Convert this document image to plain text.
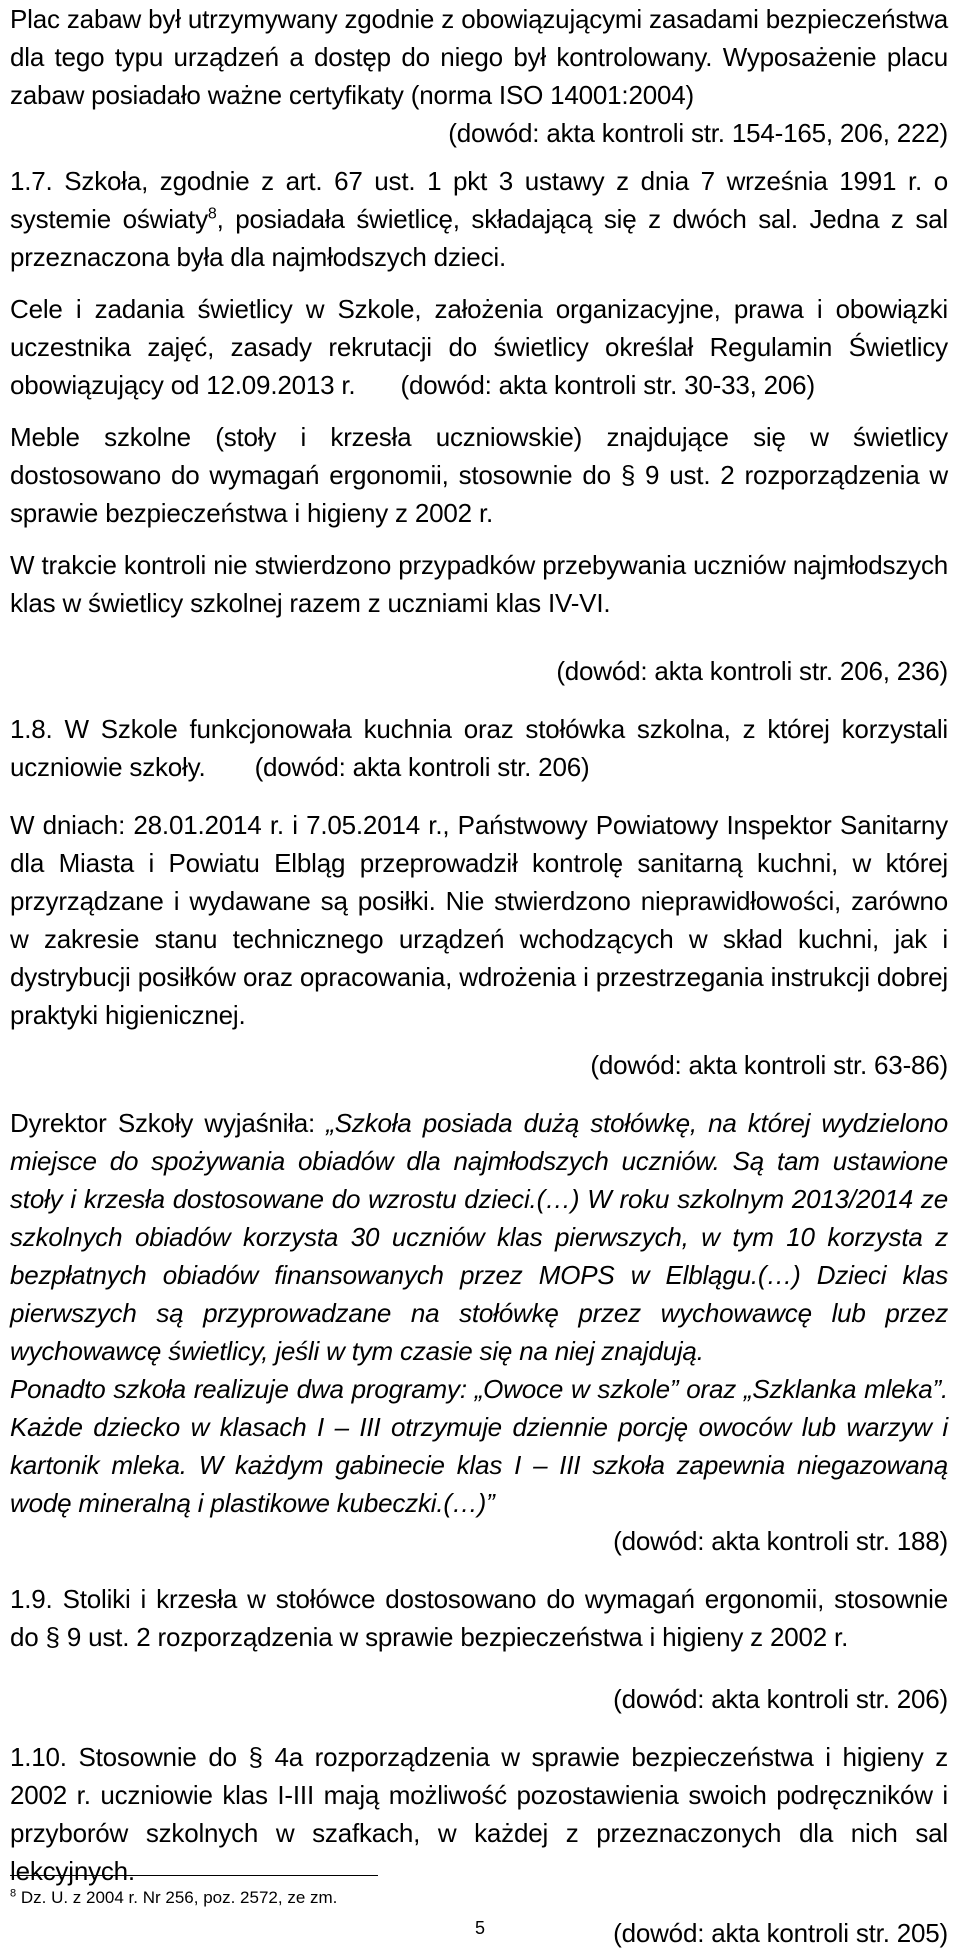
Plac zabaw był utrzymywany zgodnie z obowiązującymi zasadami bezpieczeństwa dla tego typu urządzeń a dostęp do niego był kontrolowany. Wyposażenie placu zabaw posiadało ważne certyfikaty (norma ISO 14001:2004)

(dowód: akta kontroli str. 154-165, 206, 222)

1.7. Szkoła, zgodnie z art. 67 ust. 1 pkt 3 ustawy z dnia 7 września 1991 r. o systemie oświaty$^8$, posiadała świetlicę, składającą się z dwóch sal. Jedna z sal przeznaczona była dla najmłodszych dzieci.

Cele i zadania świetlicy w Szkole, założenia organizacyjne, prawa i obowiązki uczestnika zajęć, zasady rekrutacji do świetlicy określał Regulamin Świetlicy obowiązujący od 12.09.2013 r. (dowód: akta kontroli str. 30-33, 206)

Meble szkolne (stoły i krzesła uczniowskie) znajdujące się w świetlicy dostosowano do wymagań ergonomii, stosownie do § 9 ust. 2 rozporządzenia w sprawie bezpieczeństwa i higieny z 2002 r.

W trakcie kontroli nie stwierdzono przypadków przebywania uczniów najmłodszych klas w świetlicy szkolnej razem z uczniami klas IV-VI.

(dowód: akta kontroli str. 206, 236)

1.8. W Szkole funkcjonowała kuchnia oraz stołówka szkolna, z której korzystali uczniowie szkoły. (dowód: akta kontroli str. 206)

W dniach: 28.01.2014 r. i 7.05.2014 r., Państwowy Powiatowy Inspektor Sanitarny dla Miasta i Powiatu Elbląg przeprowadził kontrolę sanitarną kuchni, w której przyrządzane i wydawane są posiłki. Nie stwierdzono nieprawidłowości, zarówno w zakresie stanu technicznego urządzeń wchodzących w skład kuchni, jak i dystrybucji posiłków oraz opracowania, wdrożenia i przestrzegania instrukcji dobrej praktyki higienicznej.

(dowód: akta kontroli str. 63-86)

Dyrektor Szkoły wyjaśniła: „Szkoła posiada dużą stołówkę, na której wydzielono miejsce do spożywania obiadów dla najmłodszych uczniów. Są tam ustawione stoły i krzesła dostosowane do wzrostu dzieci.(…) W roku szkolnym 2013/2014 ze szkolnych obiadów korzysta 30 uczniów klas pierwszych, w tym 10 korzysta z bezpłatnych obiadów finansowanych przez MOPS w Elblągu.(…) Dzieci klas pierwszych są przyprowadzane na stołówkę przez wychowawcę lub przez wychowawcę świetlicy, jeśli w tym czasie się na niej znajdują.

Ponadto szkoła realizuje dwa programy: „Owoce w szkole” oraz „Szklanka mleka”. Każde dziecko w klasach I – III otrzymuje dziennie porcję owoców lub warzyw i kartonik mleka. W każdym gabinecie klas I – III szkoła zapewnia niegazowaną wodę mineralną i plastikowe kubeczki.(…)”

(dowód: akta kontroli str. 188)

1.9. Stoliki i krzesła w stołówce dostosowano do wymagań ergonomii, stosownie do § 9 ust. 2 rozporządzenia w sprawie bezpieczeństwa i higieny z 2002 r.

(dowód: akta kontroli str. 206)

1.10. Stosownie do § 4a rozporządzenia w sprawie bezpieczeństwa i higieny z 2002 r. uczniowie klas I-III mają możliwość pozostawienia swoich podręczników i przyborów szkolnych w szafkach, w każdej z przeznaczonych dla nich sal lekcyjnych.

(dowód: akta kontroli str. 205)

$^8$ Dz. U. z 2004 r. Nr 256, poz. 2572, ze zm.
5
